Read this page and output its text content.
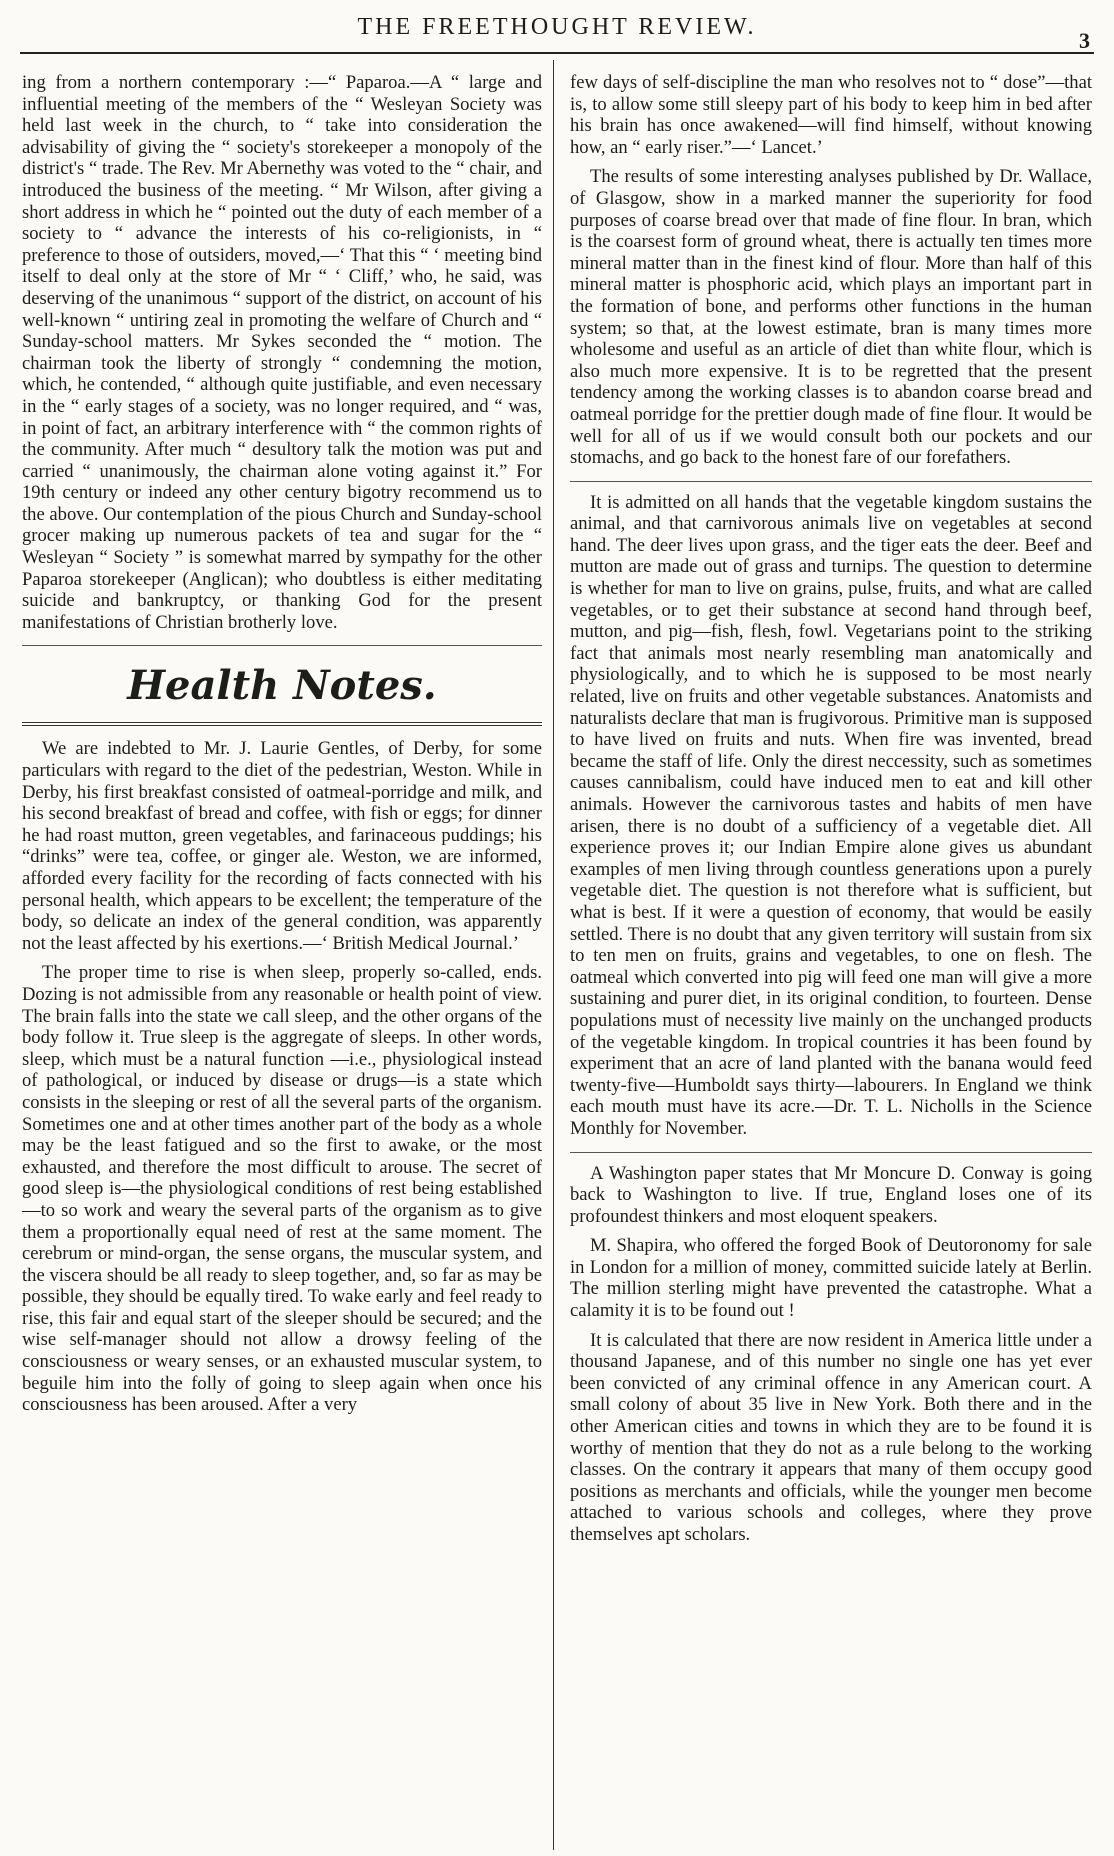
THE FREETHOUGHT REVIEW.
3

ing from a northern contemporary :—“ Paparoa.—A “ large and influential meeting of the members of the “ Wesleyan Society was held last week in the church, to “ take into consideration the advisability of giving the “ society's storekeeper a monopoly of the district's “ trade. The Rev. Mr Abernethy was voted to the “ chair, and introduced the business of the meeting. “ Mr Wilson, after giving a short address in which he “ pointed out the duty of each member of a society to “ advance the interests of his co-religionists, in “ preference to those of outsiders, moved,—‘ That this “ ‘ meeting bind itself to deal only at the store of Mr “ ‘ Cliff,’ who, he said, was deserving of the unanimous “ support of the district, on account of his well-known “ untiring zeal in promoting the welfare of Church and “ Sunday-school matters. Mr Sykes seconded the “ motion. The chairman took the liberty of strongly “ condemning the motion, which, he contended, “ although quite justifiable, and even necessary in the “ early stages of a society, was no longer required, and “ was, in point of fact, an arbitrary interference with “ the common rights of the community. After much “ desultory talk the motion was put and carried “ unanimously, the chairman alone voting against it.” For 19th century or indeed any other century bigotry recommend us to the above. Our contemplation of the pious Church and Sunday-school grocer making up numerous packets of tea and sugar for the “ Wesleyan “ Society ” is somewhat marred by sympathy for the other Paparoa storekeeper (Anglican); who doubtless is either meditating suicide and bankruptcy, or thanking God for the present manifestations of Christian brotherly love.

Health Notes.

We are indebted to Mr. J. Laurie Gentles, of Derby, for some particulars with regard to the diet of the pedestrian, Weston. While in Derby, his first breakfast consisted of oatmeal-porridge and milk, and his second breakfast of bread and coffee, with fish or eggs; for dinner he had roast mutton, green vegetables, and farinaceous puddings; his “drinks” were tea, coffee, or ginger ale. Weston, we are informed, afforded every facility for the recording of facts connected with his personal health, which appears to be excellent; the temperature of the body, so delicate an index of the general condition, was apparently not the least affected by his exertions.—‘ British Medical Journal.’

The proper time to rise is when sleep, properly so-called, ends. Dozing is not admissible from any reasonable or health point of view. The brain falls into the state we call sleep, and the other organs of the body follow it. True sleep is the aggregate of sleeps. In other words, sleep, which must be a natural function —i.e., physiological instead of pathological, or induced by disease or drugs—is a state which consists in the sleeping or rest of all the several parts of the organism. Sometimes one and at other times another part of the body as a whole may be the least fatigued and so the first to awake, or the most exhausted, and therefore the most difficult to arouse. The secret of good sleep is—the physiological conditions of rest being established—to so work and weary the several parts of the organism as to give them a proportionally equal need of rest at the same moment. The cerebrum or mind-organ, the sense organs, the muscular system, and the viscera should be all ready to sleep together, and, so far as may be possible, they should be equally tired. To wake early and feel ready to rise, this fair and equal start of the sleeper should be secured; and the wise self-manager should not allow a drowsy feeling of the consciousness or weary senses, or an exhausted muscular system, to beguile him into the folly of going to sleep again when once his consciousness has been aroused. After a very

few days of self-discipline the man who resolves not to “ dose”—that is, to allow some still sleepy part of his body to keep him in bed after his brain has once awakened—will find himself, without knowing how, an “ early riser.”—‘ Lancet.’

The results of some interesting analyses published by Dr. Wallace, of Glasgow, show in a marked manner the superiority for food purposes of coarse bread over that made of fine flour. In bran, which is the coarsest form of ground wheat, there is actually ten times more mineral matter than in the finest kind of flour. More than half of this mineral matter is phosphoric acid, which plays an important part in the formation of bone, and performs other functions in the human system; so that, at the lowest estimate, bran is many times more wholesome and useful as an article of diet than white flour, which is also much more expensive. It is to be regretted that the present tendency among the working classes is to abandon coarse bread and oatmeal porridge for the prettier dough made of fine flour. It would be well for all of us if we would consult both our pockets and our stomachs, and go back to the honest fare of our forefathers.

It is admitted on all hands that the vegetable kingdom sustains the animal, and that carnivorous animals live on vegetables at second hand. The deer lives upon grass, and the tiger eats the deer. Beef and mutton are made out of grass and turnips. The question to determine is whether for man to live on grains, pulse, fruits, and what are called vegetables, or to get their substance at second hand through beef, mutton, and pig—fish, flesh, fowl. Vegetarians point to the striking fact that animals most nearly resembling man anatomically and physiologically, and to which he is supposed to be most nearly related, live on fruits and other vegetable substances. Anatomists and naturalists declare that man is frugivorous. Primitive man is supposed to have lived on fruits and nuts. When fire was invented, bread became the staff of life. Only the direst neccessity, such as sometimes causes cannibalism, could have induced men to eat and kill other animals. However the carnivorous tastes and habits of men have arisen, there is no doubt of a sufficiency of a vegetable diet. All experience proves it; our Indian Empire alone gives us abundant examples of men living through countless generations upon a purely vegetable diet. The question is not therefore what is sufficient, but what is best. If it were a question of economy, that would be easily settled. There is no doubt that any given territory will sustain from six to ten men on fruits, grains and vegetables, to one on flesh. The oatmeal which converted into pig will feed one man will give a more sustaining and purer diet, in its original condition, to fourteen. Dense populations must of necessity live mainly on the unchanged products of the vegetable kingdom. In tropical countries it has been found by experiment that an acre of land planted with the banana would feed twenty-five—Humboldt says thirty—labourers. In England we think each mouth must have its acre.—Dr. T. L. Nicholls in the Science Monthly for November.

A Washington paper states that Mr Moncure D. Conway is going back to Washington to live. If true, England loses one of its profoundest thinkers and most eloquent speakers.

M. Shapira, who offered the forged Book of Deutoronomy for sale in London for a million of money, committed suicide lately at Berlin. The million sterling might have prevented the catastrophe. What a calamity it is to be found out !

It is calculated that there are now resident in America little under a thousand Japanese, and of this number no single one has yet ever been convicted of any criminal offence in any American court. A small colony of about 35 live in New York. Both there and in the other American cities and towns in which they are to be found it is worthy of mention that they do not as a rule belong to the working classes. On the contrary it appears that many of them occupy good positions as merchants and officials, while the younger men become attached to various schools and colleges, where they prove themselves apt scholars.
